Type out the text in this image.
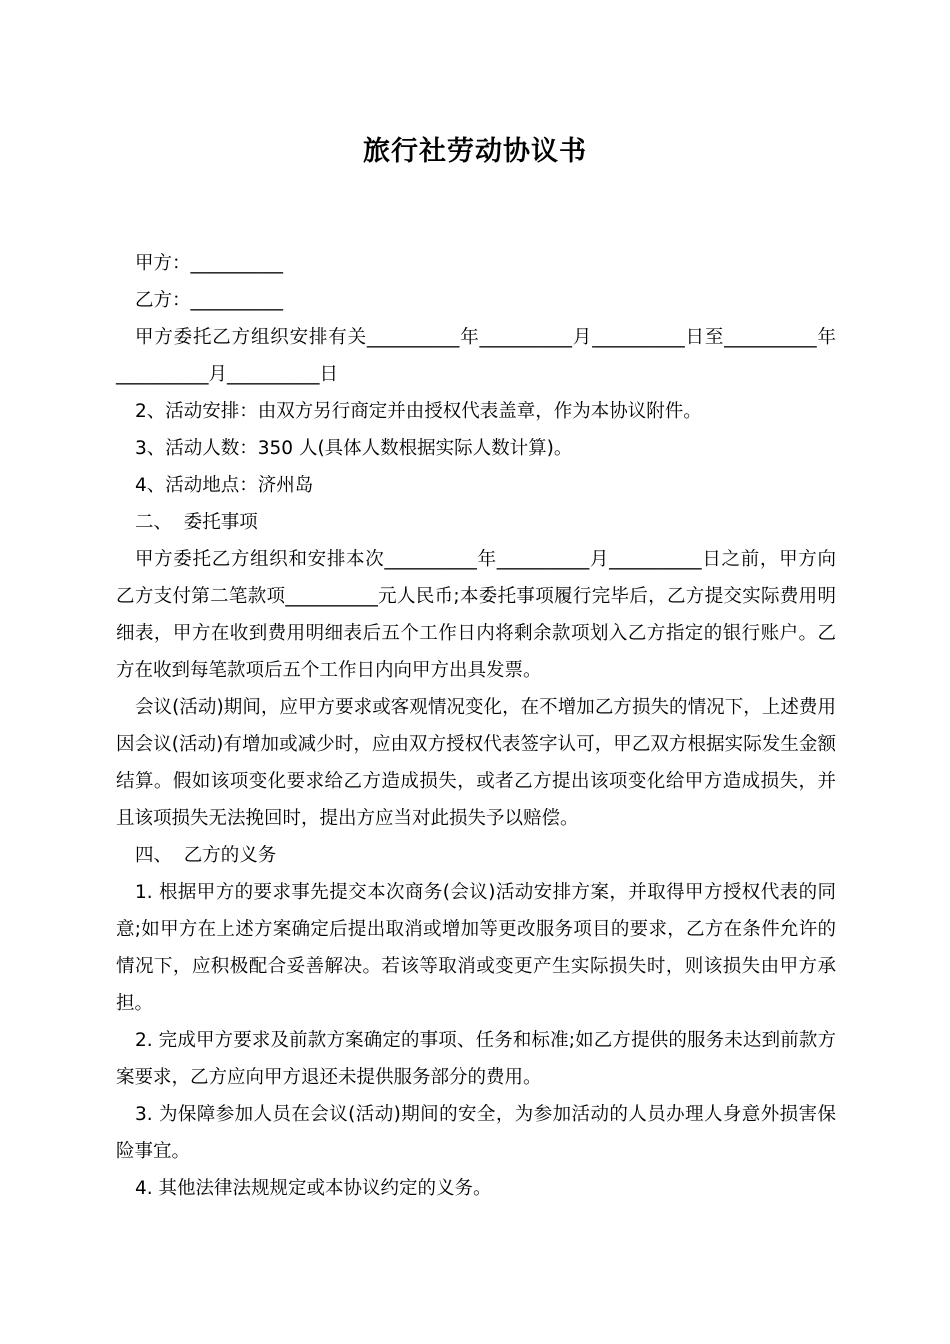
旅行社劳动协议书

甲方：__________

乙方：__________

甲方委托乙方组织安排有关__________年__________月__________日至__________年__________月__________日

2、活动安排：由双方另行商定并由授权代表盖章，作为本协议附件。

3、活动人数：350 人(具体人数根据实际人数计算)。

4、活动地点：济州岛

二、  委托事项

甲方委托乙方组织和安排本次__________年__________月__________日之前，甲方向乙方支付第二笔款项__________元人民币;本委托事项履行完毕后，乙方提交实际费用明细表，甲方在收到费用明细表后五个工作日内将剩余款项划入乙方指定的银行账户。乙方在收到每笔款项后五个工作日内向甲方出具发票。

会议(活动)期间，应甲方要求或客观情况变化，在不增加乙方损失的情况下，上述费用因会议(活动)有增加或减少时，应由双方授权代表签字认可，甲乙双方根据实际发生金额结算。假如该项变化要求给乙方造成损失，或者乙方提出该项变化给甲方造成损失，并且该项损失无法挽回时，提出方应当对此损失予以赔偿。

四、  乙方的义务

1. 根据甲方的要求事先提交本次商务(会议)活动安排方案，并取得甲方授权代表的同意;如甲方在上述方案确定后提出取消或增加等更改服务项目的要求，乙方在条件允许的情况下，应积极配合妥善解决。若该等取消或变更产生实际损失时，则该损失由甲方承担。

2. 完成甲方要求及前款方案确定的事项、任务和标准;如乙方提供的服务未达到前款方案要求，乙方应向甲方退还未提供服务部分的费用。

3. 为保障参加人员在会议(活动)期间的安全，为参加活动的人员办理人身意外损害保险事宜。

4. 其他法律法规规定或本协议约定的义务。
